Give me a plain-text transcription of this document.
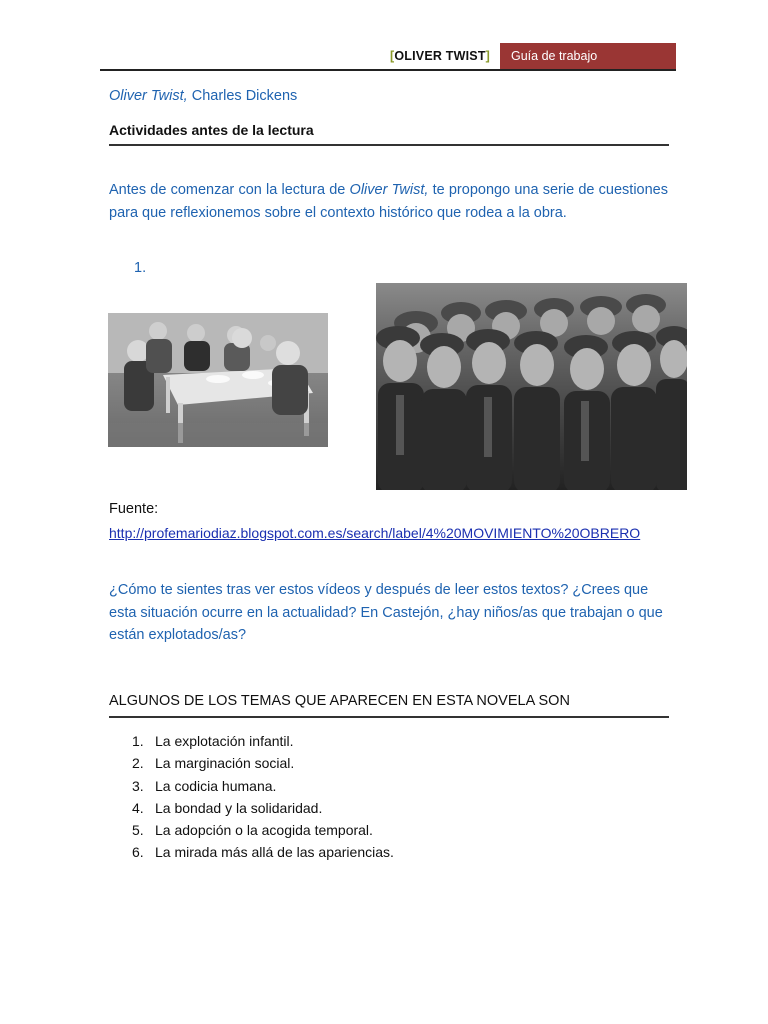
[OLIVER TWIST] Guía de trabajo
Oliver Twist, Charles Dickens
Actividades antes de la lectura
Antes de comenzar con la lectura de Oliver Twist, te propongo una serie de cuestiones para que reflexionemos sobre el contexto histórico que rodea a la obra.
1.
Fuente:
http://profemariodiaz.blogspot.com.es/search/label/4%20MOVIMIENTO%20OBRERO
¿Cómo te sientes tras ver estos vídeos y después de leer estos textos? ¿Crees que esta situación ocurre en la actualidad? En Castejón, ¿hay niños/as que trabajan o que están explotados/as?
ALGUNOS DE LOS TEMAS QUE APARECEN EN ESTA NOVELA SON
1. La explotación infantil.
2. La marginación social.
3. La codicia humana.
4. La bondad y la solidaridad.
5. La adopción o la acogida temporal.
6. La mirada más allá de las apariencias.
